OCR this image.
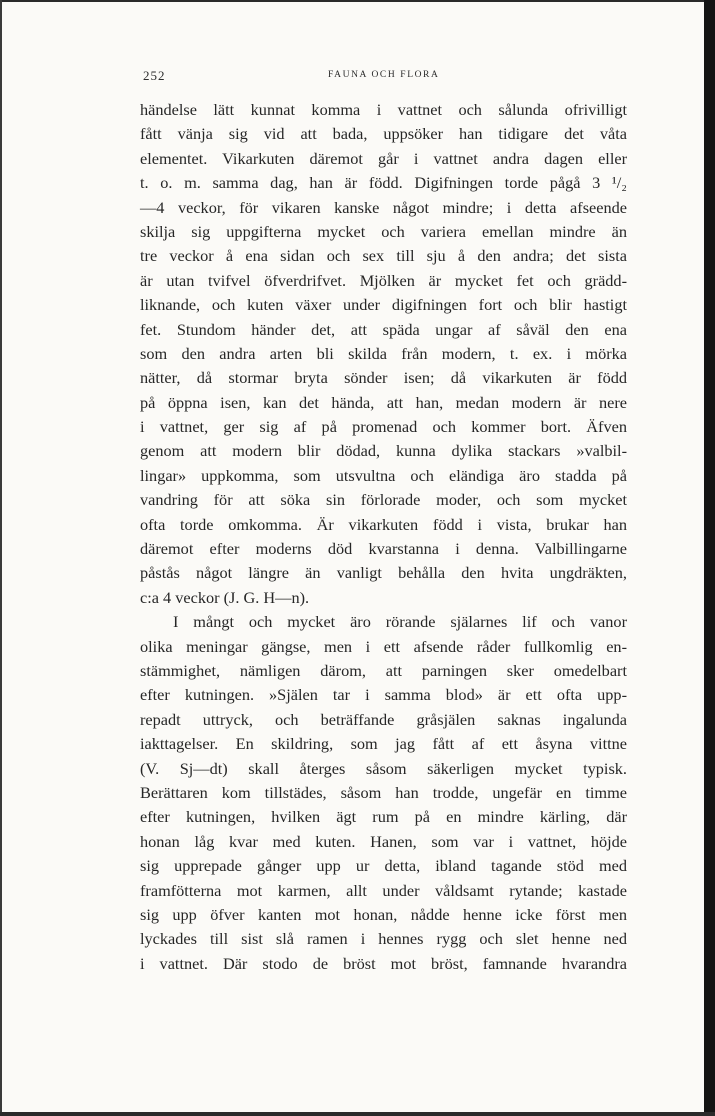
252	FAUNA OCH FLORA
händelse lätt kunnat komma i vattnet och sålunda ofrivilligt
fått vänja sig vid att bada, uppsöker han tidigare det våta
elementet. Vikarkuten däremot går i vattnet andra dagen eller
t. o. m. samma dag, han är född. Digifningen torde pågå 3 ¹/₂
—4 veckor, för vikaren kanske något mindre; i detta afseende
skilja sig uppgifterna mycket och variera emellan mindre än
tre veckor å ena sidan och sex till sju å den andra; det sista
är utan tvifvel öfverdrifvet. Mjölken är mycket fet och grädd-
liknande, och kuten växer under digifningen fort och blir hastigt
fet. Stundom händer det, att späda ungar af såväl den ena
som den andra arten bli skilda från modern, t. ex. i mörka
nätter, då stormar bryta sönder isen; då vikarkuten är född
på öppna isen, kan det hända, att han, medan modern är nere
i vattnet, ger sig af på promenad och kommer bort. Äfven
genom att modern blir dödad, kunna dylika stackars »valbil-
lingar» uppkomma, som utsvultna och eländiga äro stadda på
vandring för att söka sin förlorade moder, och som mycket
ofta torde omkomma. Är vikarkuten född i vista, brukar han
däremot efter moderns död kvarstanna i denna. Valbillingarne
påstås något längre än vanligt behålla den hvita ungdräkten,
c:a 4 veckor (J. G. H—n).
I mångt och mycket äro rörande själarnes lif och vanor
olika meningar gängse, men i ett afsende råder fullkomlig en-
stämmighet, nämligen därom, att parningen sker omedelbart
efter kutningen. »Själen tar i samma blod» är ett ofta upp-
repadt uttryck, och beträffande gråsjälen saknas ingalunda
iakttagelser. En skildring, som jag fått af ett åsyna vittne
(V. Sj—dt) skall återges såsom säkerligen mycket typisk.
Berättaren kom tillstädes, såsom han trodde, ungefär en timme
efter kutningen, hvilken ägt rum på en mindre kärling, där
honan låg kvar med kuten. Hanen, som var i vattnet, höjde
sig upprepade gånger upp ur detta, ibland tagande stöd med
framfötterna mot karmen, allt under våldsamt rytande; kastade
sig upp öfver kanten mot honan, nådde henne icke först men
lyckades till sist slå ramen i hennes rygg och slet henne ned
i vattnet. Där stodo de bröst mot bröst, famnande hvarandra
